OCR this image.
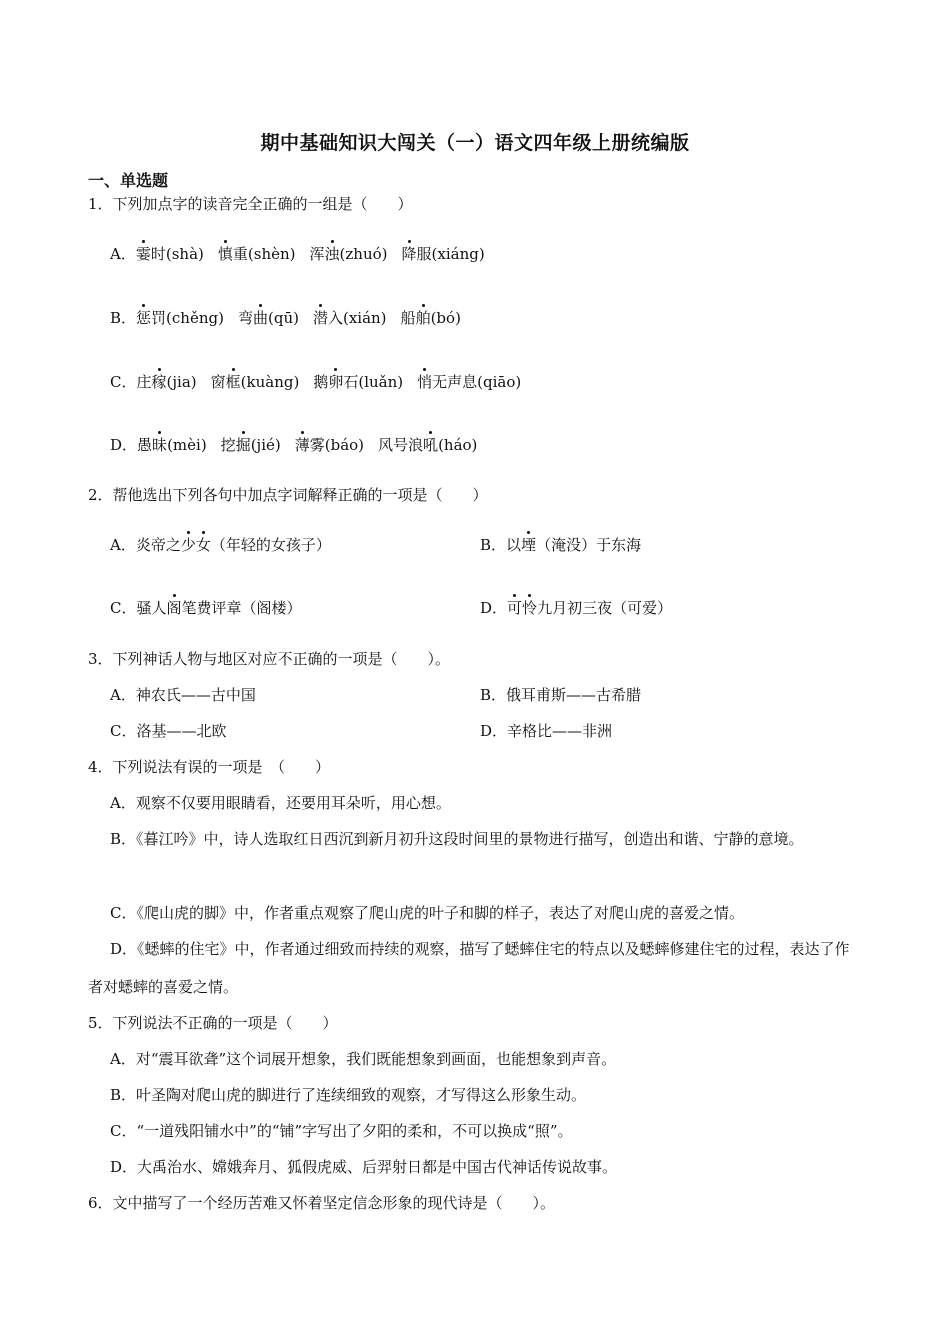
期中基础知识大闯关（一）语文四年级上册统编版
一、单选题
1．下列加点字的读音完全正确的一组是（　　）
A．霎时(shà) 慎重(shèn) 浑浊(zhuó) 降服(xiáng)
B．惩罚(chěng) 弯曲(qū) 潜入(xián) 船舶(bó)
C．庄稼(jia) 窗框(kuàng) 鹅卵石(luǎn) 悄无声息(qiāo)
D．愚昧(mèi) 挖掘(jié) 薄雾(báo) 风号浪吼(háo)
2．帮他选出下列各句中加点字词解释正确的一项是（　　）
A．炎帝之少女（年轻的女孩子）	B．以堙（淹没）于东海
C．骚人阁笔费评章（阁楼）	D．可怜九月初三夜（可爱）
3．下列神话人物与地区对应不正确的一项是（　　）。
A．神农氏——古中国	B．俄耳甫斯——古希腊
C．洛基——北欧	D．辛格比——非洲
4．下列说法有误的一项是　（　　）
A．观察不仅要用眼睛看，还要用耳朵听，用心想。
B．《暮江吟》中，诗人选取红日西沉到新月初升这段时间里的景物进行描写，创造出和谐、宁静的意境。
C．《爬山虎的脚》中，作者重点观察了爬山虎的叶子和脚的样子，表达了对爬山虎的喜爱之情。
D．《蟋蟀的住宅》中，作者通过细致而持续的观察，描写了蟋蟀住宅的特点以及蟋蟀修建住宅的过程，表达了作者对蟋蟀的喜爱之情。
5．下列说法不正确的一项是（　　）
A．对“震耳欲聋”这个词展开想象，我们既能想象到画面，也能想象到声音。
B．叶圣陶对爬山虎的脚进行了连续细致的观察，才写得这么形象生动。
C．“一道残阳铺水中”的“铺”字写出了夕阳的柔和，不可以换成“照”。
D．大禹治水、嫦娥奔月、狐假虎威、后羿射日都是中国古代神话传说故事。
6．文中描写了一个经历苦难又怀着坚定信念形象的现代诗是（　　）。
